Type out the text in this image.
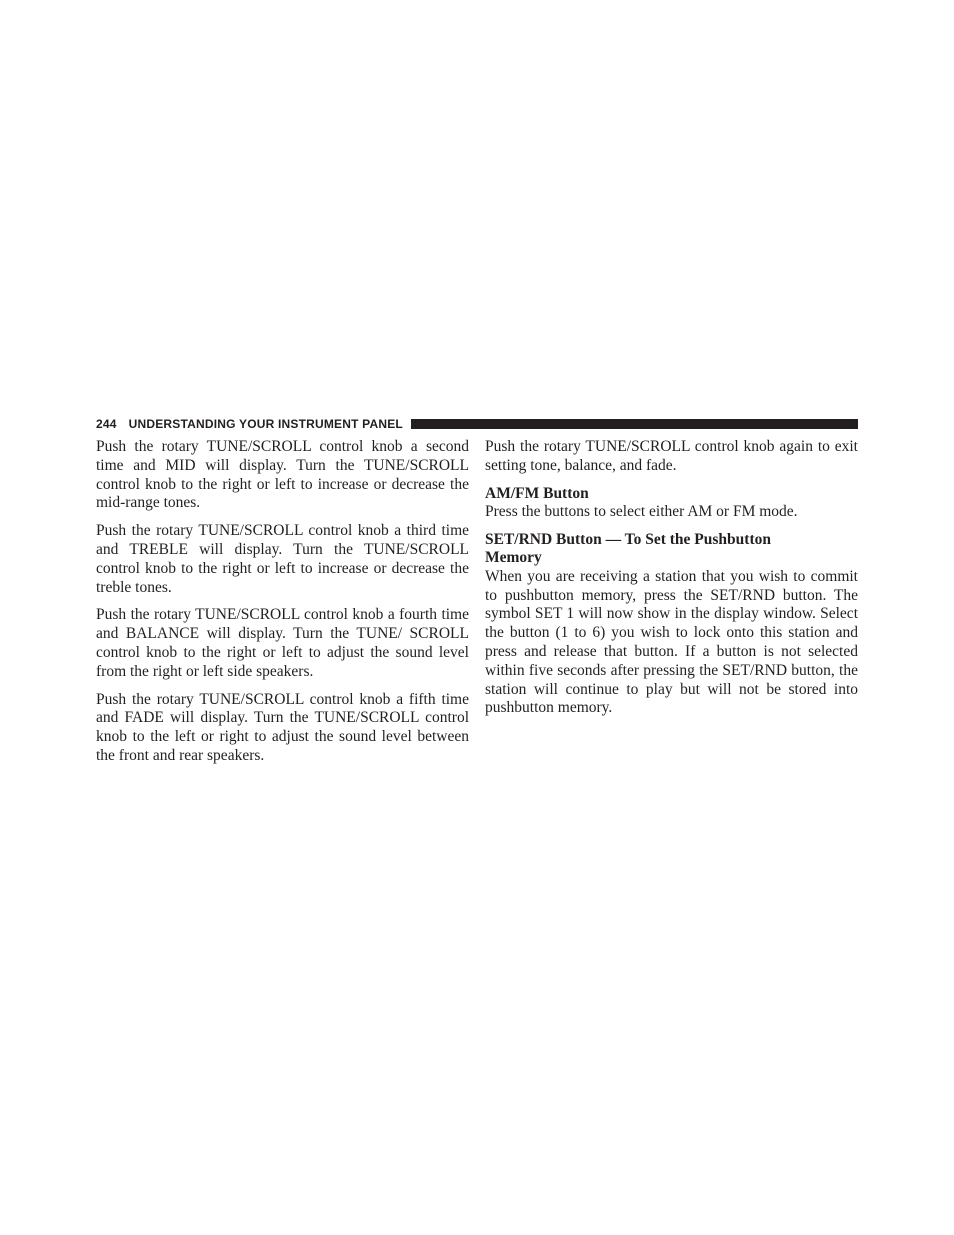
244 UNDERSTANDING YOUR INSTRUMENT PANEL

Push the rotary TUNE/SCROLL control knob a second time and MID will display. Turn the TUNE/SCROLL control knob to the right or left to increase or decrease the mid-range tones.

Push the rotary TUNE/SCROLL control knob a third time and TREBLE will display. Turn the TUNE/SCROLL control knob to the right or left to increase or decrease the treble tones.

Push the rotary TUNE/SCROLL control knob a fourth time and BALANCE will display. Turn the TUNE/ SCROLL control knob to the right or left to adjust the sound level from the right or left side speakers.

Push the rotary TUNE/SCROLL control knob a fifth time and FADE will display. Turn the TUNE/SCROLL control knob to the left or right to adjust the sound level between the front and rear speakers.

Push the rotary TUNE/SCROLL control knob again to exit setting tone, balance, and fade.

AM/FM Button

Press the buttons to select either AM or FM mode.

SET/RND Button — To Set the Pushbutton
Memory

When you are receiving a station that you wish to commit to pushbutton memory, press the SET/RND button. The symbol SET 1 will now show in the display window. Select the button (1 to 6) you wish to lock onto this station and press and release that button. If a button is not selected within five seconds after pressing the SET/RND button, the station will continue to play but will not be stored into pushbutton memory.
